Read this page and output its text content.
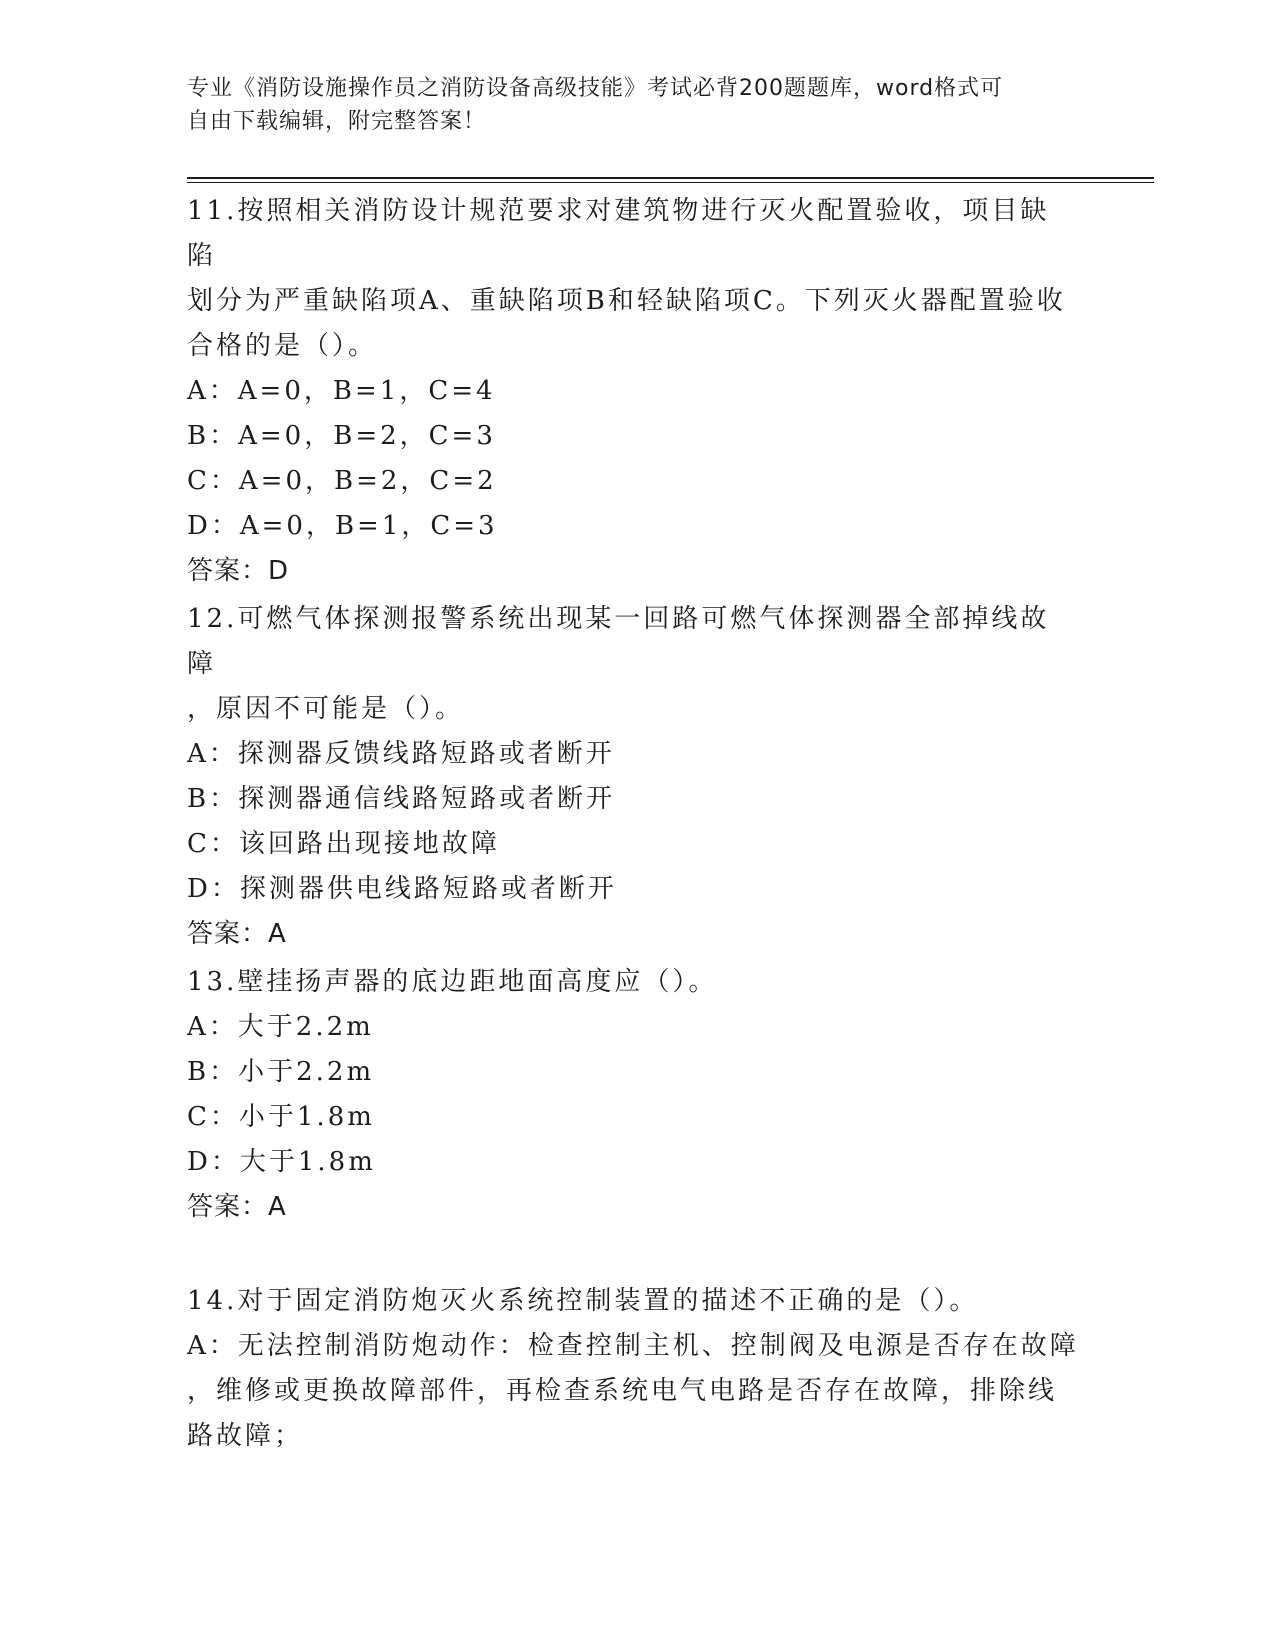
专业《消防设施操作员之消防设备高级技能》考试必背200题题库，word格式可
自由下载编辑，附完整答案！

11.按照相关消防设计规范要求对建筑物进行灭火配置验收，项目缺陷

划分为严重缺陷项A、重缺陷项B和轻缺陷项C。下列灭火器配置验收

合格的是（）。

A：A=0，B=1，C=4

B：A=0，B=2，C=3

C：A=0，B=2，C=2

D：A=0，B=1，C=3

答案：D

12.可燃气体探测报警系统出现某一回路可燃气体探测器全部掉线故障

，原因不可能是（）。

A：探测器反馈线路短路或者断开

B：探测器通信线路短路或者断开

C：该回路出现接地故障

D：探测器供电线路短路或者断开

答案：A

13.壁挂扬声器的底边距地面高度应（）。

A：大于2.2m

B：小于2.2m

C：小于1.8m

D：大于1.8m

答案：A

14.对于固定消防炮灭火系统控制装置的描述不正确的是（）。

A：无法控制消防炮动作：检查控制主机、控制阀及电源是否存在故障

，维修或更换故障部件，再检查系统电气电路是否存在故障，排除线

路故障；
